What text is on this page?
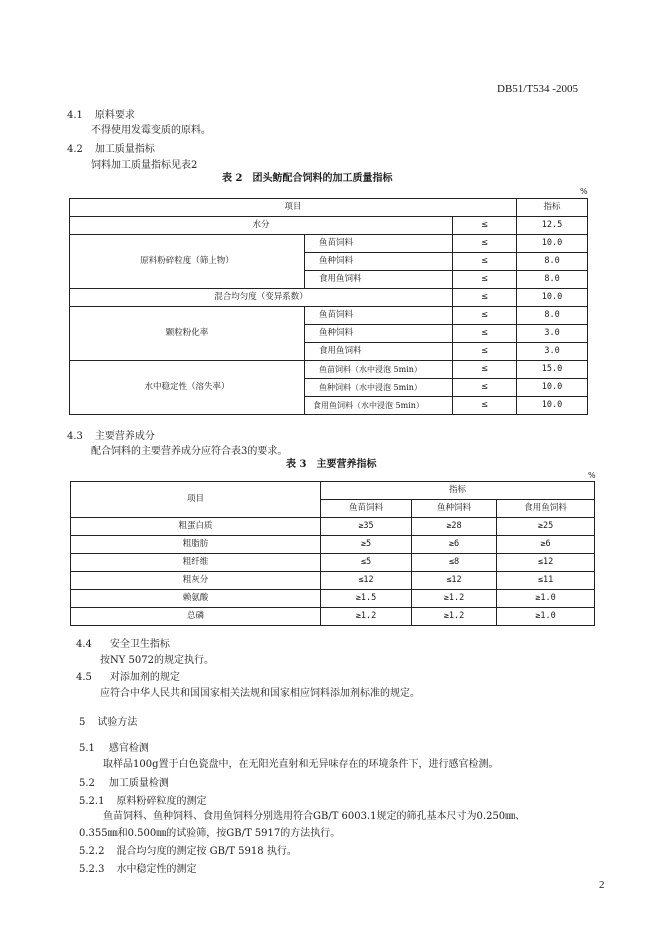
DB51/T534 -2005
4.1 原料要求
不得使用发霉变质的原料。
4.2 加工质量指标
饲料加工质量指标见表2
表 2　团头鲂配合饲料的加工质量指标
%
项目			指标
水分		≤	12.5
原料粉碎粒度（筛上物）	鱼苗饲料	≤	10.0
	鱼种饲料	≤	8.0
	食用鱼饲料	≤	8.0
混合均匀度（变异系数）		≤	10.0
颗粒粉化率	鱼苗饲料	≤	8.0
	鱼种饲料	≤	3.0
	食用鱼饲料	≤	3.0
水中稳定性（溶失率）	鱼苗饲料（水中浸泡 5min）	≤	15.0
	鱼种饲料（水中浸泡 5min）	≤	10.0
	食用鱼饲料（水中浸泡 5min）	≤	10.0
4.3 主要营养成分
配合饲料的主要营养成分应符合表3的要求。
表 3　主要营养指标
%
项目	指标		
	鱼苗饲料	鱼种饲料	食用鱼饲料
粗蛋白质	≥35	≥28	≥25
粗脂肪	≥5	≥6	≥6
粗纤维	≤5	≤8	≤12
粗灰分	≤12	≤12	≤11
赖氨酸	≥1.5	≥1.2	≥1.0
总磷	≥1.2	≥1.2	≥1.0
4.4 安全卫生指标
按NY 5072的规定执行。
4.5 对添加剂的规定
应符合中华人民共和国国家相关法规和国家相应饲料添加剂标准的规定。
5 试验方法
5.1 感官检测
取样品100g置于白色瓷盘中，在无阳光直射和无异味存在的环境条件下，进行感官检测。
5.2 加工质量检测
5.2.1 原料粉碎粒度的测定
鱼苗饲料、鱼种饲料、食用鱼饲料分别选用符合GB/T 6003.1规定的筛孔基本尺寸为0.250㎜、
0.355㎜和0.500㎜的试验筛，按GB/T 5917的方法执行。
5.2.2 混合均匀度的测定按 GB/T 5918 执行。
5.2.3 水中稳定性的测定
2
